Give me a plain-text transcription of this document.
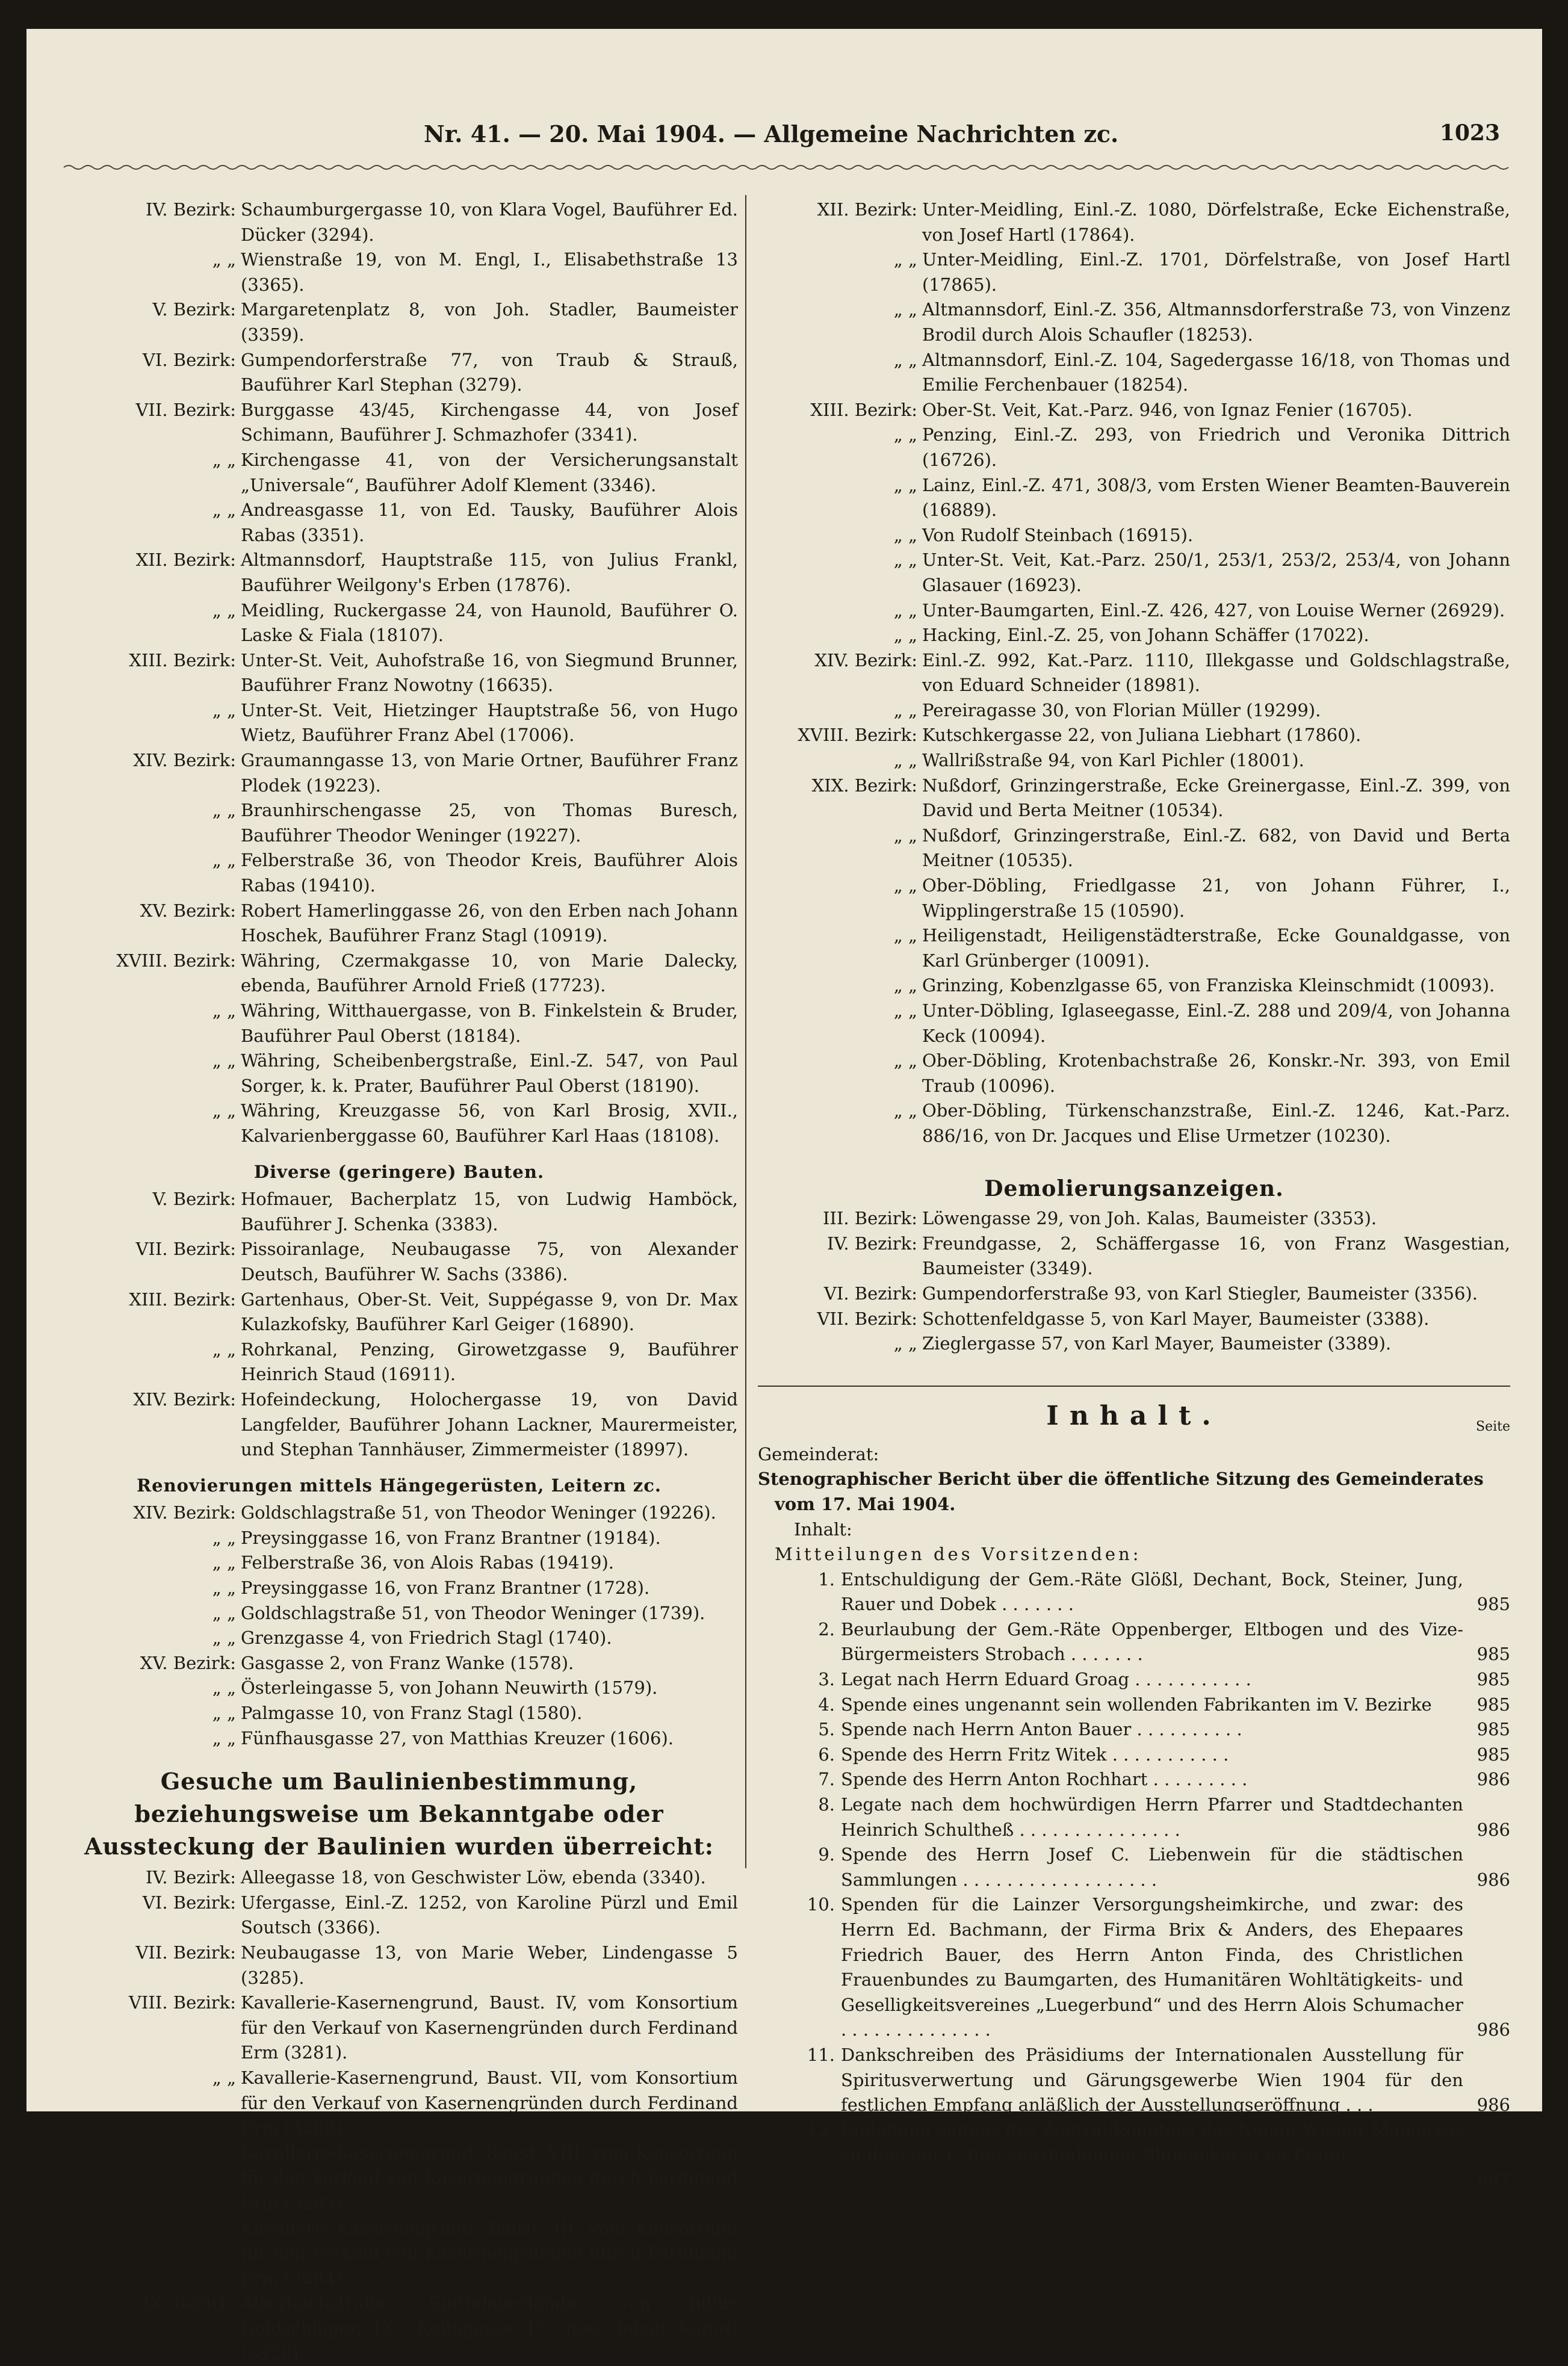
Nr. 41. — 20. Mai 1904. — Allgemeine Nachrichten zc.	1023
IV. Bezirk: Schaumburgergasse 10, von Klara Vogel, Bauführer Ed. Dücker (3294).
„ „ Wienstraße 19, von M. Engl, I., Elisabethstraße 13 (3365).
V. Bezirk: Margaretenplatz 8, von Joh. Stadler, Baumeister (3359).
VI. Bezirk: Gumpendorferstraße 77, von Traub & Strauß, Bauführer Karl Stephan (3279).
VII. Bezirk: Burggasse 43/45, Kirchengasse 44, von Josef Schimann, Bauführer J. Schmazhofer (3341).
„ „ Kirchengasse 41, von der Versicherungsanstalt „Universale“, Bauführer Adolf Klement (3346).
„ „ Andreasgasse 11, von Ed. Tausky, Bauführer Alois Rabas (3351).
XII. Bezirk: Altmannsdorf, Hauptstraße 115, von Julius Frankl, Bauführer Weilgony's Erben (17876).
„ „ Meidling, Ruckergasse 24, von Haunold, Bauführer O. Laske & Fiala (18107).
XIII. Bezirk: Unter-St. Veit, Auhofstraße 16, von Siegmund Brunner, Bauführer Franz Nowotny (16635).
„ „ Unter-St. Veit, Hietzinger Hauptstraße 56, von Hugo Wietz, Bauführer Franz Abel (17006).
XIV. Bezirk: Graumanngasse 13, von Marie Ortner, Bauführer Franz Plodek (19223).
„ „ Braunhirschengasse 25, von Thomas Buresch, Bauführer Theodor Weninger (19227).
„ „ Felberstraße 36, von Theodor Kreis, Bauführer Alois Rabas (19410).
XV. Bezirk: Robert Hamerlinggasse 26, von den Erben nach Johann Hoschek, Bauführer Franz Stagl (10919).
XVIII. Bezirk: Währing, Czermakgasse 10, von Marie Dalecky, ebenda, Bauführer Arnold Frieß (17723).
„ „ Währing, Witthauergasse, von B. Finkelstein & Bruder, Bauführer Paul Oberst (18184).
„ „ Währing, Scheibenbergstraße, Einl.-Z. 547, von Paul Sorger, k. k. Prater, Bauführer Paul Oberst (18190).
„ „ Währing, Kreuzgasse 56, von Karl Brosig, XVII., Kalvarienberggasse 60, Bauführer Karl Haas (18108).
Diverse (geringere) Bauten.
V. Bezirk: Hofmauer, Bacherplatz 15, von Ludwig Hamböck, Bauführer J. Schenka (3383).
VII. Bezirk: Pissoiranlage, Neubaugasse 75, von Alexander Deutsch, Bauführer W. Sachs (3386).
XIII. Bezirk: Gartenhaus, Ober-St. Veit, Suppégasse 9, von Dr. Max Kulazkofsky, Bauführer Karl Geiger (16890).
„ „ Rohrkanal, Penzing, Girowetzgasse 9, Bauführer Heinrich Staud (16911).
XIV. Bezirk: Hofeindeckung, Holochergasse 19, von David Langfelder, Bauführer Johann Lackner, Maurermeister, und Stephan Tannhäuser, Zimmermeister (18997).
Renovierungen mittels Hängegerüsten, Leitern zc.
XIV. Bezirk: Goldschlagstraße 51, von Theodor Weninger (19226).
„ „ Preysinggasse 16, von Franz Brantner (19184).
„ „ Felberstraße 36, von Alois Rabas (19419).
„ „ Preysinggasse 16, von Franz Brantner (1728).
„ „ Goldschlagstraße 51, von Theodor Weninger (1739).
„ „ Grenzgasse 4, von Friedrich Stagl (1740).
XV. Bezirk: Gasgasse 2, von Franz Wanke (1578).
„ „ Österleingasse 5, von Johann Neuwirth (1579).
„ „ Palmgasse 10, von Franz Stagl (1580).
„ „ Fünfhausgasse 27, von Matthias Kreuzer (1606).
Gesuche um Baulinienbestimmung, beziehungsweise um Bekanntgabe oder Aussteckung der Baulinien wurden überreicht:
IV. Bezirk: Alleegasse 18, von Geschwister Löw, ebenda (3340).
VI. Bezirk: Ufergasse, Einl.-Z. 1252, von Karoline Pürzl und Emil Soutsch (3366).
VII. Bezirk: Neubaugasse 13, von Marie Weber, Lindengasse 5 (3285).
VIII. Bezirk: Kavallerie-Kasernengrund, Baust. IV, vom Konsortium für den Verkauf von Kasernengründen durch Ferdinand Erm (3281).
„ „ Kavallerie-Kasernengrund, Baust. VII, vom Konsortium für den Verkauf von Kasernengründen durch Ferdinand Erm (3282).
„ „ Kavallerie-Kasernengrund, Baust. VIII, vom Konsortium für den Verkauf von Kasernengründen durch Ferdinand Erm (3283).
„ „ Kavallerie-Kasernengrund, Baust. III, vom Konsortium für den Verkauf von Kasernengründen durch Ferdinand Erm (3284).
IX. Bezirk: Alserbachstraße, Spittelauerlände, von Julius Goldschläger, IX., Kolingasse 17, noe. Jakob Kaposi (3320).
XII. Bezirk: Unter-Meidling, Einl.-Z. 1080, Dörfelstraße, Ecke Eichenstraße, von Josef Hartl (17864).
„ „ Unter-Meidling, Einl.-Z. 1701, Dörfelstraße, von Josef Hartl (17865).
„ „ Altmannsdorf, Einl.-Z. 356, Altmannsdorferstraße 73, von Vinzenz Brodil durch Alois Schaufler (18253).
„ „ Altmannsdorf, Einl.-Z. 104, Sagedergasse 16/18, von Thomas und Emilie Ferchenbauer (18254).
XIII. Bezirk: Ober-St. Veit, Kat.-Parz. 946, von Ignaz Fenier (16705).
„ „ Penzing, Einl.-Z. 293, von Friedrich und Veronika Dittrich (16726).
„ „ Lainz, Einl.-Z. 471, 308/3, vom Ersten Wiener Beamten-Bauverein (16889).
„ „ Von Rudolf Steinbach (16915).
„ „ Unter-St. Veit, Kat.-Parz. 250/1, 253/1, 253/2, 253/4, von Johann Glasauer (16923).
„ „ Unter-Baumgarten, Einl.-Z. 426, 427, von Louise Werner (26929).
„ „ Hacking, Einl.-Z. 25, von Johann Schäffer (17022).
XIV. Bezirk: Einl.-Z. 992, Kat.-Parz. 1110, Illekgasse und Goldschlagstraße, von Eduard Schneider (18981).
„ „ Pereiragasse 30, von Florian Müller (19299).
XVIII. Bezirk: Kutschkergasse 22, von Juliana Liebhart (17860).
„ „ Wallrißstraße 94, von Karl Pichler (18001).
XIX. Bezirk: Nußdorf, Grinzingerstraße, Ecke Greinergasse, Einl.-Z. 399, von David und Berta Meitner (10534).
„ „ Nußdorf, Grinzingerstraße, Einl.-Z. 682, von David und Berta Meitner (10535).
„ „ Ober-Döbling, Friedlgasse 21, von Johann Führer, I., Wipplingerstraße 15 (10590).
„ „ Heiligenstadt, Heiligenstädterstraße, Ecke Gounaldgasse, von Karl Grünberger (10091).
„ „ Grinzing, Kobenzlgasse 65, von Franziska Kleinschmidt (10093).
„ „ Unter-Döbling, Iglaseegasse, Einl.-Z. 288 und 209/4, von Johanna Keck (10094).
„ „ Ober-Döbling, Krotenbachstraße 26, Konskr.-Nr. 393, von Emil Traub (10096).
„ „ Ober-Döbling, Türkenschanzstraße, Einl.-Z. 1246, Kat.-Parz. 886/16, von Dr. Jacques und Elise Urmetzer (10230).
Demolierungsanzeigen.
III. Bezirk: Löwengasse 29, von Joh. Kalas, Baumeister (3353).
IV. Bezirk: Freundgasse, 2, Schäffergasse 16, von Franz Wasgestian, Baumeister (3349).
VI. Bezirk: Gumpendorferstraße 93, von Karl Stiegler, Baumeister (3356).
VII. Bezirk: Schottenfeldgasse 5, von Karl Mayer, Baumeister (3388).
„ „ Zieglergasse 57, von Karl Mayer, Baumeister (3389).
Inhalt.	Seite
Gemeinderat:
Stenographischer Bericht über die öffentliche Sitzung des Gemeinderates vom 17. Mai 1904.
Inhalt:
Mitteilungen des Vorsitzenden:
1. Entschuldigung der Gem.-Räte Glößl, Dechant, Bock, Steiner, Jung, Rauer und Dobek . . . . . . .	985
2. Beurlaubung der Gem.-Räte Oppenberger, Eltbogen und des Vize-Bürgermeisters Strobach . . . . . . .	985
3. Legat nach Herrn Eduard Groag . . . . . . . . . . .	985
4. Spende eines ungenannt sein wollenden Fabrikanten im V. Bezirke	985
5. Spende nach Herrn Anton Bauer . . . . . . . . . .	985
6. Spende des Herrn Fritz Witek . . . . . . . . . . .	985
7. Spende des Herrn Anton Rochhart . . . . . . . . .	986
8. Legate nach dem hochwürdigen Herrn Pfarrer und Stadtdechanten Heinrich Schultheß . . . . . . . . . . . . . . .	986
9. Spende des Herrn Josef C. Liebenwein für die städtischen Sammlungen . . . . . . . . . . . . . . . . . .	986
10. Spenden für die Lainzer Versorgungsheimkirche, und zwar: des Herrn Ed. Bachmann, der Firma Brix & Anders, des Ehepaares Friedrich Bauer, des Herrn Anton Finda, des Christlichen Frauenbundes zu Baumgarten, des Humanitären Wohltätigkeits- und Geselligkeitsvereines „Luegerbund“ und des Herrn Alois Schumacher . . . . . . . . . . . . . .	986
11. Dankschreiben des Präsidiums der Internationalen Ausstellung für Spiritusverwertung und Gärungsgewerbe Wien 1904 für den festlichen Empfang anläßlich der Ausstellungseröffnung . . .	986
12. Einladung seitens des Zentral-Komitees des Neuen Wiener Maikorsos zu dem am 1. Juni stattfindenden Blumenkorso im Prater . . . . . . . . . . . . . . . . . . . .	987
